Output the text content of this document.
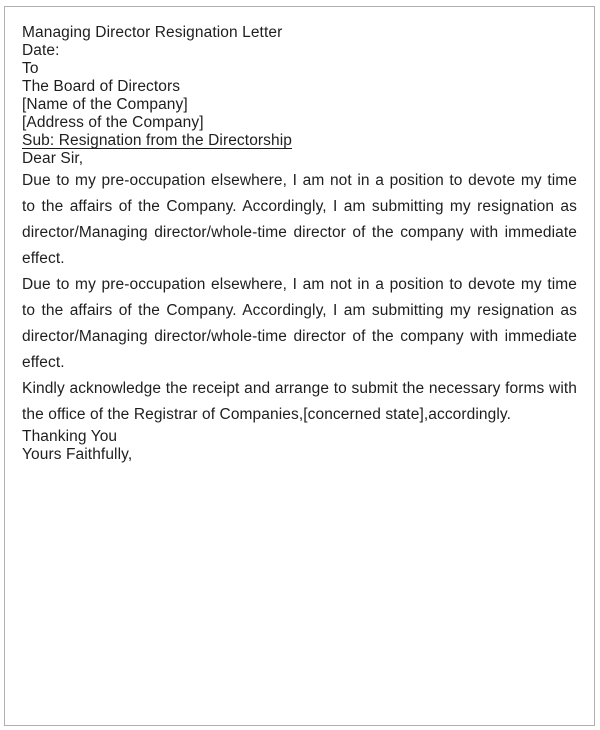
Managing Director Resignation Letter

Date:

To

The Board of Directors

[Name of the Company]

[Address of the Company]

Sub: Resignation from the Directorship

Dear Sir,

Due to my pre-occupation elsewhere, I am not in a position to devote my time to the affairs of the Company. Accordingly, I am submitting my resignation as director/Managing director/whole-time director of the company with immediate effect.

Due to my pre-occupation elsewhere, I am not in a position to devote my time to the affairs of the Company. Accordingly, I am submitting my resignation as director/Managing director/whole-time director of the company with immediate effect.

Kindly acknowledge the receipt and arrange to submit the necessary forms with the office of the Registrar of Companies,[concerned state],accordingly.

Thanking You

Yours Faithfully,
